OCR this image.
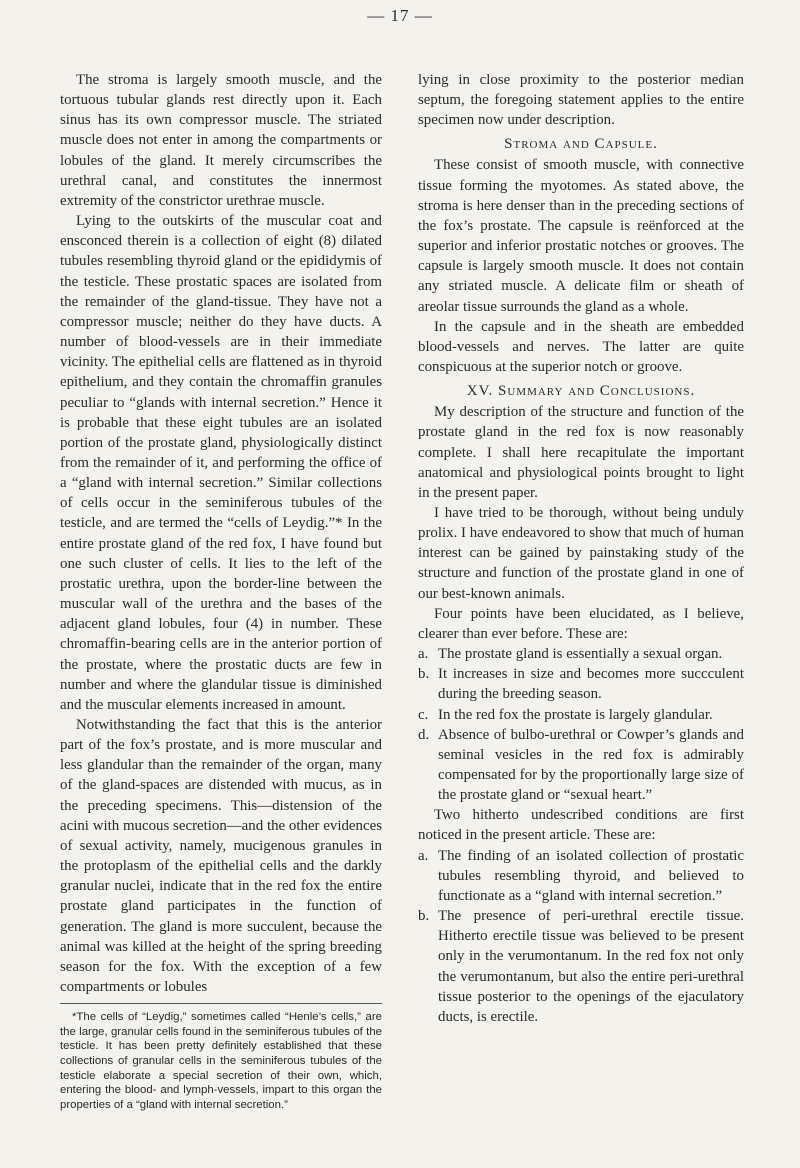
— 17 —

The stroma is largely smooth muscle, and the tortuous tubular glands rest directly upon it. Each sinus has its own compressor muscle. The striated muscle does not enter in among the compartments or lobules of the gland. It merely circumscribes the urethral canal, and constitutes the innermost extremity of the constrictor urethrae muscle.

Lying to the outskirts of the muscular coat and ensconced therein is a collection of eight (8) dilated tubules resembling thyroid gland or the epididymis of the testicle. These prostatic spaces are isolated from the remainder of the gland-tissue. They have not a compressor muscle; neither do they have ducts. A number of blood-vessels are in their immediate vicinity. The epithelial cells are flattened as in thyroid epithelium, and they contain the chromaffin granules peculiar to “glands with internal secretion.” Hence it is probable that these eight tubules are an isolated portion of the prostate gland, physiologically distinct from the remainder of it, and performing the office of a “gland with internal secretion.” Similar collections of cells occur in the seminiferous tubules of the testicle, and are termed the “cells of Leydig.”* In the entire prostate gland of the red fox, I have found but one such cluster of cells. It lies to the left of the prostatic urethra, upon the border-line between the muscular wall of the urethra and the bases of the adjacent gland lobules, four (4) in number. These chromaffin-bearing cells are in the anterior portion of the prostate, where the prostatic ducts are few in number and where the glandular tissue is diminished and the muscular elements increased in amount.

Notwithstanding the fact that this is the anterior part of the fox’s prostate, and is more muscular and less glandular than the remainder of the organ, many of the gland-spaces are distended with mucus, as in the preceding specimens. This—distension of the acini with mucous secretion—and the other evidences of sexual activity, namely, mucigenous granules in the protoplasm of the epithelial cells and the darkly granular nuclei, indicate that in the red fox the entire prostate gland participates in the function of generation. The gland is more succulent, because the animal was killed at the height of the spring breeding season for the fox. With the exception of a few compartments or lobules

*The cells of “Leydig,” sometimes called “Henle’s cells,” are the large, granular cells found in the seminiferous tubules of the testicle. It has been pretty definitely established that these collections of granular cells in the seminiferous tubules of the testicle elaborate a special secretion of their own, which, entering the blood- and lymph-vessels, impart to this organ the properties of a “gland with internal secretion.”

lying in close proximity to the posterior median septum, the foregoing statement applies to the entire specimen now under description.

Stroma and Capsule.

These consist of smooth muscle, with connective tissue forming the myotomes. As stated above, the stroma is here denser than in the preceding sections of the fox’s prostate. The capsule is reënforced at the superior and inferior prostatic notches or grooves. The capsule is largely smooth muscle. It does not contain any striated muscle. A delicate film or sheath of areolar tissue surrounds the gland as a whole.

In the capsule and in the sheath are embedded blood-vessels and nerves. The latter are quite conspicuous at the superior notch or groove.

XV. Summary and Conclusions.

My description of the structure and function of the prostate gland in the red fox is now reasonably complete. I shall here recapitulate the important anatomical and physiological points brought to light in the present paper.

I have tried to be thorough, without being unduly prolix. I have endeavored to show that much of human interest can be gained by painstaking study of the structure and function of the prostate gland in one of our best-known animals.

Four points have been elucidated, as I believe, clearer than ever before. These are:

a. The prostate gland is essentially a sexual organ.
b. It increases in size and becomes more succculent during the breeding season.
c. In the red fox the prostate is largely glandular.
d. Absence of bulbo-urethral or Cowper’s glands and seminal vesicles in the red fox is admirably compensated for by the proportionally large size of the prostate gland or “sexual heart.”

Two hitherto undescribed conditions are first noticed in the present article. These are:

a. The finding of an isolated collection of prostatic tubules resembling thyroid, and believed to functionate as a “gland with internal secretion.”
b. The presence of peri-urethral erectile tissue. Hitherto erectile tissue was believed to be present only in the verumontanum. In the red fox not only the verumontanum, but also the entire peri-urethral tissue posterior to the openings of the ejaculatory ducts, is erectile.
